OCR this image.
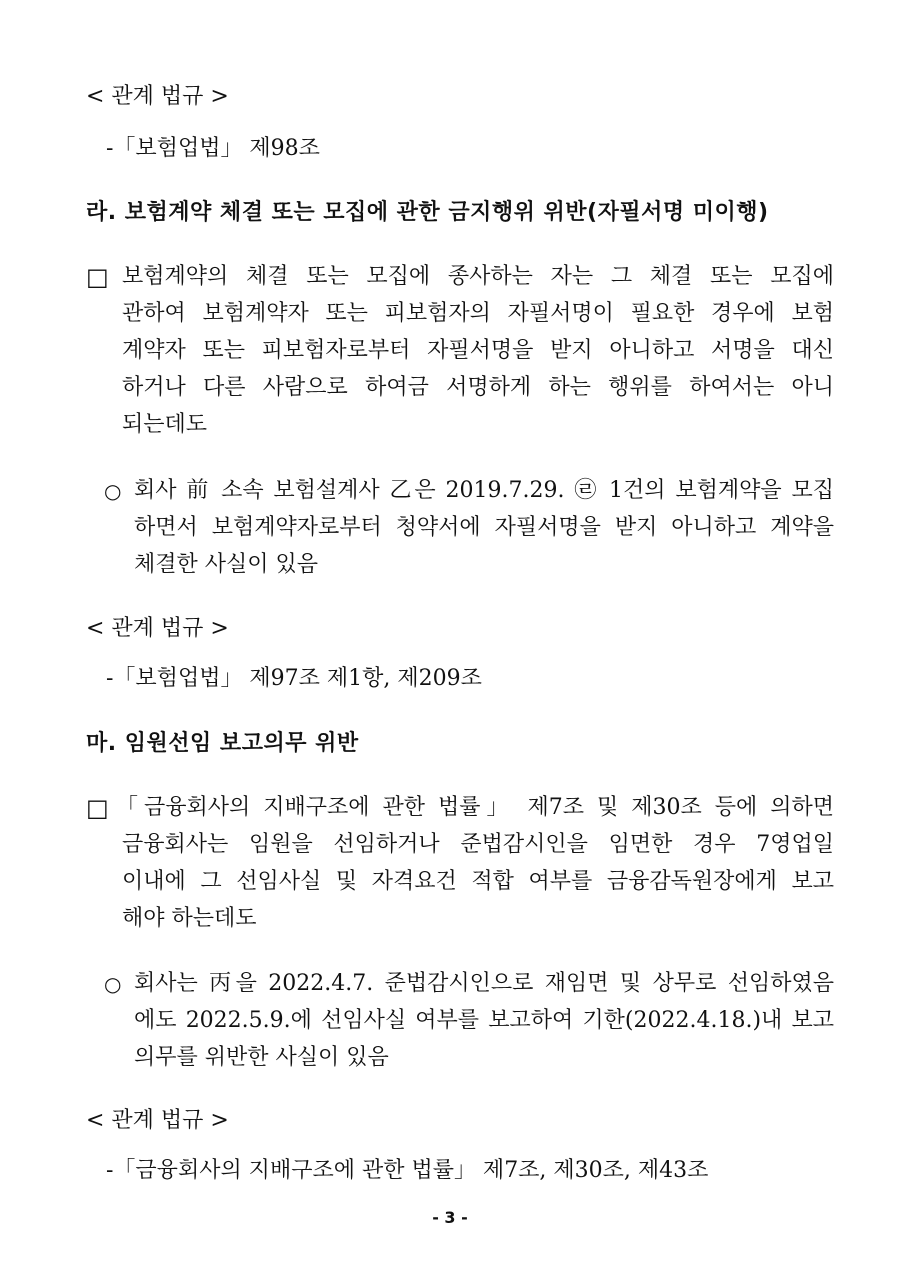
< 관계 법규 >
-「보험업법」 제98조
라. 보험계약 체결 또는 모집에 관한 금지행위 위반(자필서명 미이행)
□ 보험계약의 체결 또는 모집에 종사하는 자는 그 체결 또는 모집에
관하여 보험계약자 또는 피보험자의 자필서명이 필요한 경우에 보험
계약자 또는 피보험자로부터 자필서명을 받지 아니하고 서명을 대신
하거나 다른 사람으로 하여금 서명하게 하는 행위를 하여서는 아니
되는데도
○ 회사 前 소속 보험설계사 乙은 2019.7.29. ㉣ 1건의 보험계약을 모집
하면서 보험계약자로부터 청약서에 자필서명을 받지 아니하고 계약을
체결한 사실이 있음
< 관계 법규 >
-「보험업법」 제97조 제1항, 제209조
마. 임원선임 보고의무 위반
□ 「금융회사의 지배구조에 관한 법률」 제7조 및 제30조 등에 의하면
금융회사는 임원을 선임하거나 준법감시인을 임면한 경우 7영업일
이내에 그 선임사실 및 자격요건 적합 여부를 금융감독원장에게 보고
해야 하는데도
○ 회사는 丙을 2022.4.7. 준법감시인으로 재임면 및 상무로 선임하였음
에도 2022.5.9.에 선임사실 여부를 보고하여 기한(2022.4.18.)내 보고
의무를 위반한 사실이 있음
< 관계 법규 >
-「금융회사의 지배구조에 관한 법률」 제7조, 제30조, 제43조
- 3 -
